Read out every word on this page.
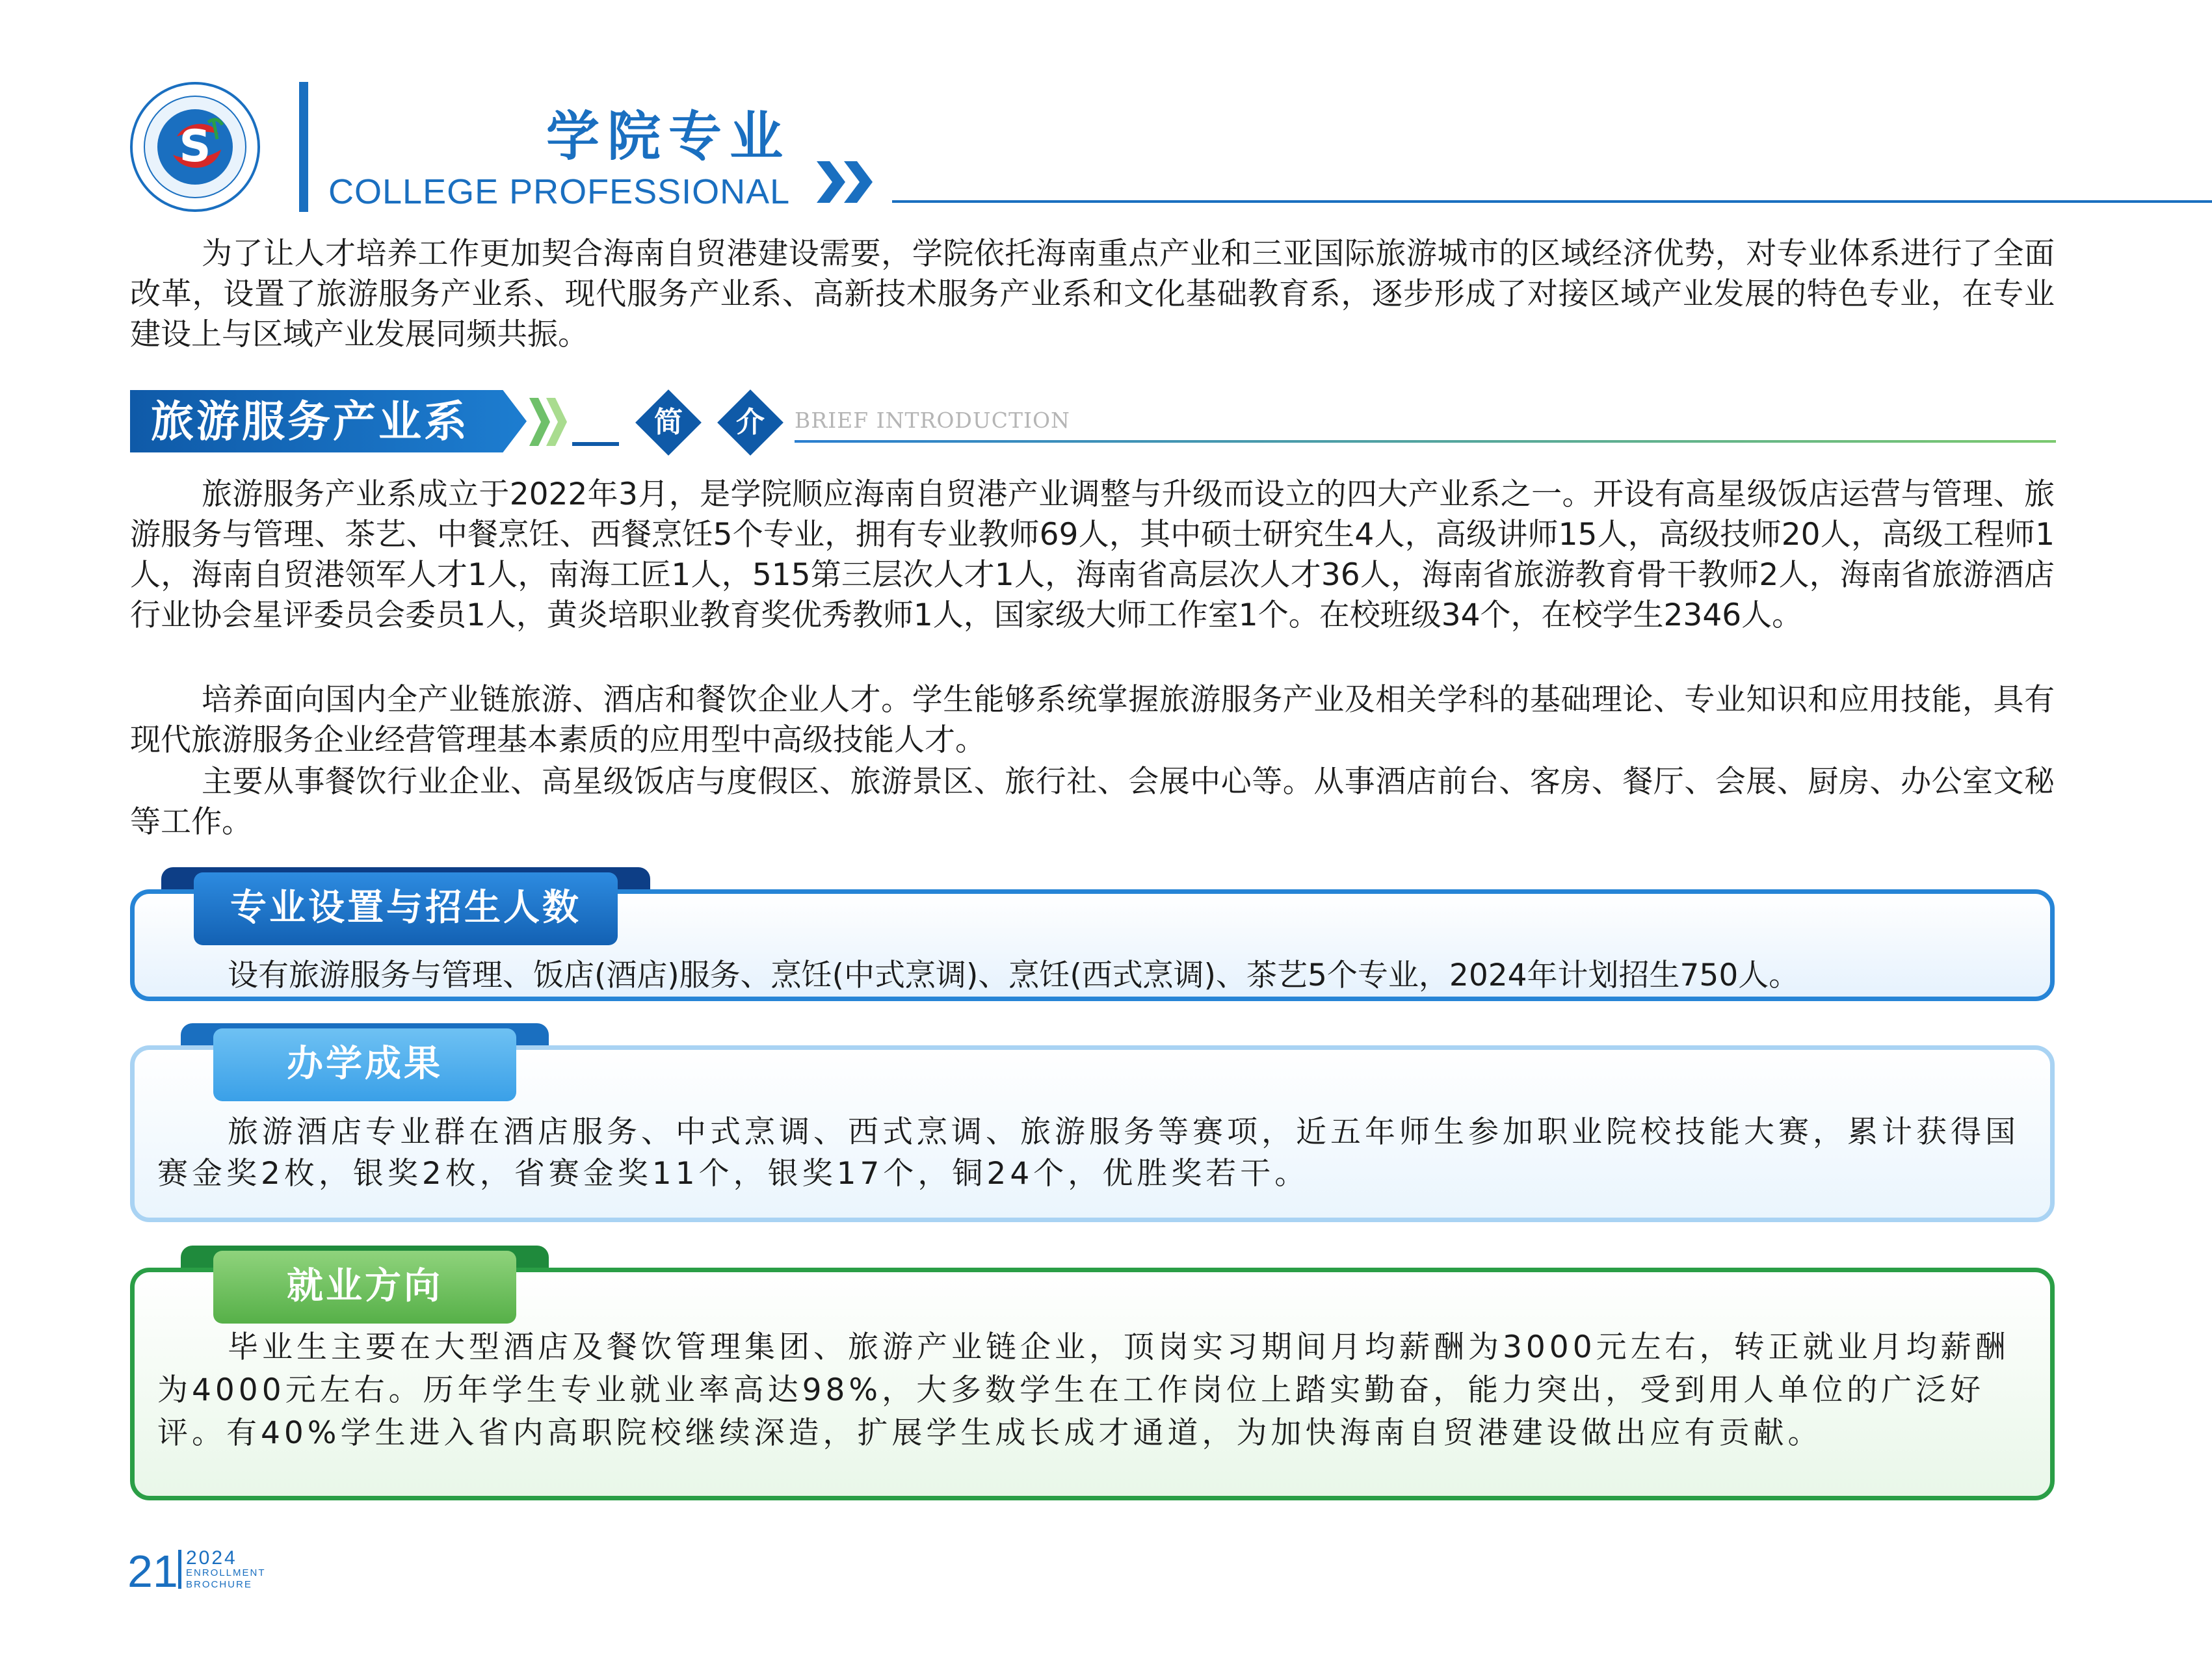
S	学院专业
COLLEGE PROFESSIONAL

为了让人才培养工作更加契合海南自贸港建设需要，学院依托海南重点产业和三亚国际旅游城市的区域经济优势，对专业体系进行了全面改革，设置了旅游服务产业系、现代服务产业系、高新技术服务产业系和文化基础教育系，逐步形成了对接区域产业发展的特色专业，在专业建设上与区域产业发展同频共振。

旅游服务产业系	简	介	BRIEF INTRODUCTION

旅游服务产业系成立于2022年3月，是学院顺应海南自贸港产业调整与升级而设立的四大产业系之一。开设有高星级饭店运营与管理、旅游服务与管理、茶艺、中餐烹饪、西餐烹饪5个专业，拥有专业教师69人，其中硕士研究生4人，高级讲师15人，高级技师20人，高级工程师1人，海南自贸港领军人才1人，南海工匠1人，515第三层次人才1人，海南省高层次人才36人，海南省旅游教育骨干教师2人，海南省旅游酒店行业协会星评委员会委员1人，黄炎培职业教育奖优秀教师1人，国家级大师工作室1个。在校班级34个，在校学生2346人。

培养面向国内全产业链旅游、酒店和餐饮企业人才。学生能够系统掌握旅游服务产业及相关学科的基础理论、专业知识和应用技能，具有现代旅游服务企业经营管理基本素质的应用型中高级技能人才。

主要从事餐饮行业企业、高星级饭店与度假区、旅游景区、旅行社、会展中心等。从事酒店前台、客房、餐厅、会展、厨房、办公室文秘等工作。

专业设置与招生人数
设有旅游服务与管理、饭店(酒店)服务、烹饪(中式烹调)、烹饪(西式烹调)、茶艺5个专业，2024年计划招生750人。
办学成果
旅游酒店专业群在酒店服务、中式烹调、西式烹调、旅游服务等赛项，近五年师生参加职业院校技能大赛，累计获得国赛金奖2枚，银奖2枚，省赛金奖11个，银奖17个，铜24个，优胜奖若干。
就业方向
毕业生主要在大型酒店及餐饮管理集团、旅游产业链企业，顶岗实习期间月均薪酬为3000元左右，转正就业月均薪酬为4000元左右。历年学生专业就业率高达98%，大多数学生在工作岗位上踏实勤奋，能力突出，受到用人单位的广泛好评。有40%学生进入省内高职院校继续深造，扩展学生成长成才通道，为加快海南自贸港建设做出应有贡献。
21 2024
ENROLLMENT
BROCHURE
